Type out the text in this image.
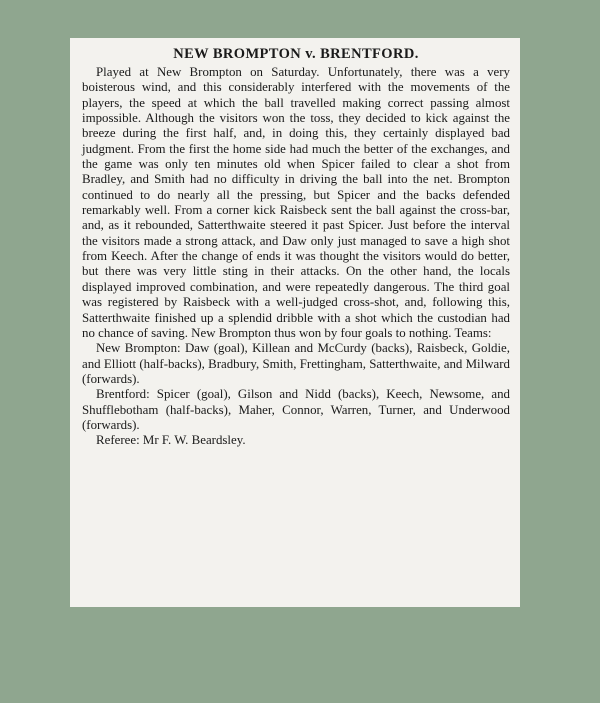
NEW BROMPTON v. BRENTFORD.

Played at New Brompton on Saturday. Unfortunately, there was a very boisterous wind, and this considerably interfered with the movements of the players, the speed at which the ball travelled making correct passing almost impossible. Although the visitors won the toss, they decided to kick against the breeze during the first half, and, in doing this, they certainly displayed bad judgment. From the first the home side had much the better of the exchanges, and the game was only ten minutes old when Spicer failed to clear a shot from Bradley, and Smith had no difficulty in driving the ball into the net. Brompton continued to do nearly all the pressing, but Spicer and the backs defended remarkably well. From a corner kick Raisbeck sent the ball against the cross-bar, and, as it rebounded, Satterthwaite steered it past Spicer. Just before the interval the visitors made a strong attack, and Daw only just managed to save a high shot from Keech. After the change of ends it was thought the visitors would do better, but there was very little sting in their attacks. On the other hand, the locals displayed improved combination, and were repeatedly dangerous. The third goal was registered by Raisbeck with a well-judged cross-shot, and, following this, Satterthwaite finished up a splendid dribble with a shot which the custodian had no chance of saving. New Brompton thus won by four goals to nothing. Teams:

New Brompton: Daw (goal), Killean and McCurdy (backs), Raisbeck, Goldie, and Elliott (half-backs), Bradbury, Smith, Frettingham, Satterthwaite, and Milward (forwards).

Brentford: Spicer (goal), Gilson and Nidd (backs), Keech, Newsome, and Shufflebotham (half-backs), Maher, Connor, Warren, Turner, and Underwood (forwards).

Referee: Mr F. W. Beardsley.
